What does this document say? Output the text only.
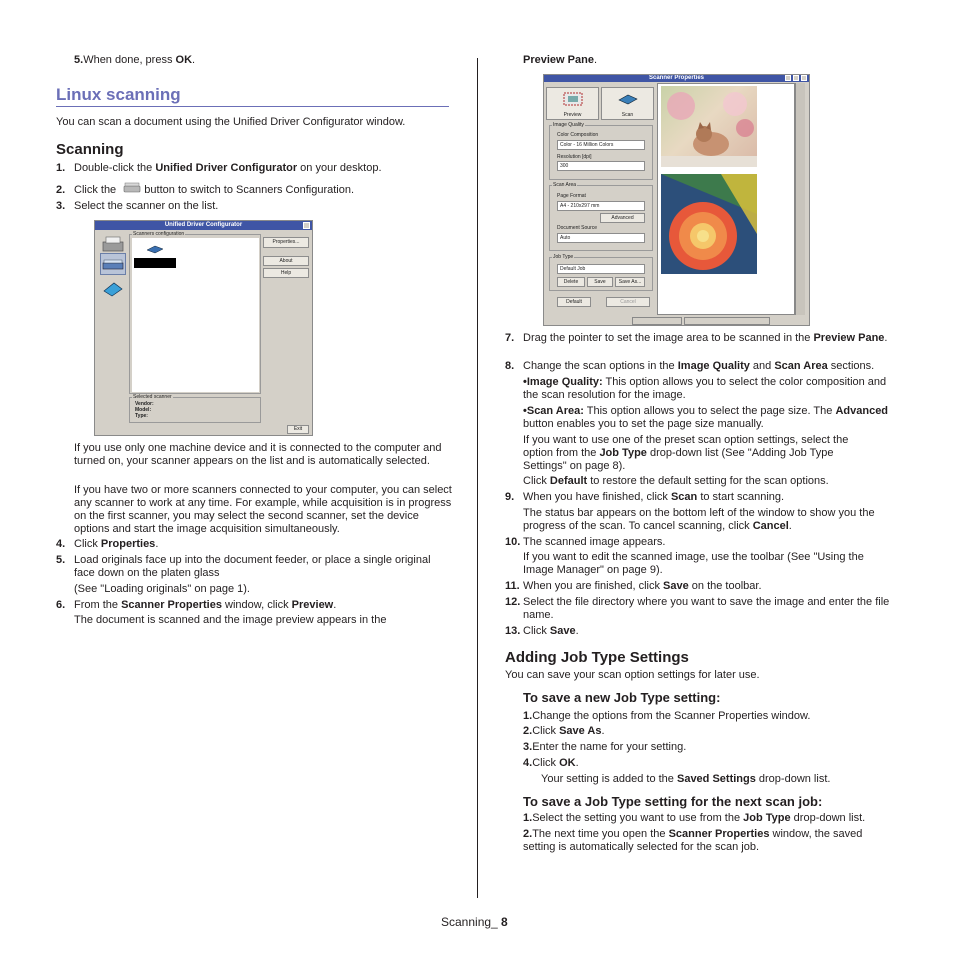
5.When done, press OK.
Linux scanning
You can scan a document using the Unified Driver Configurator window.
Scanning
1. Double-click the Unified Driver Configurator on your desktop.
2. Click the  button to switch to Scanners Configuration.
3. Select the scanner on the list.
Unified Driver Configurator
Scanners configuration
Properties...
About
Help
Selected scanner
Vendor:
Model:
Type:
Exit
If you use only one machine device and it is connected to the computer and turned on, your scanner appears on the list and is automatically selected.
If you have two or more scanners connected to your computer, you can select any scanner to work at any time. For example, while acquisition is in progress on the first scanner, you may select the second scanner, set the device options and start the image acquisition simultaneously.
4. Click Properties.
5. Load originals face up into the document feeder, or place a single original face down on the platen glass
(See "Loading originals" on page 1).
6. From the Scanner Properties window, click Preview.
The document is scanned and the image preview appears in the
Preview Pane.
Scanner Properties
Preview	Scan
Image Quality
Color Composition
Color - 16 Million Colors
Resolution [dpi]
300
Scan Area
Page Format
A4 - 210x297 mm
Advanced
Document Source
Auto
Job Type
Default Job
Delete	Save	Save As...
Default	Cancel
7. Drag the pointer to set the image area to be scanned in the Preview Pane.
8. Change the scan options in the Image Quality and Scan Area sections.
•Image Quality: This option allows you to select the color composition and the scan resolution for the image.
•Scan Area: This option allows you to select the page size. The Advanced button enables you to set the page size manually.
If you want to use one of the preset scan option settings, select the option from the Job Type drop-down list (See "Adding Job Type Settings" on page 8).
Click Default to restore the default setting for the scan options.
9. When you have finished, click Scan to start scanning.
The status bar appears on the bottom left of the window to show you the progress of the scan. To cancel scanning, click Cancel.
10. The scanned image appears.
If you want to edit the scanned image, use the toolbar (See "Using the Image Manager" on page 9).
11. When you are finished, click Save on the toolbar.
12. Select the file directory where you want to save the image and enter the file name.
13. Click Save.
Adding Job Type Settings
You can save your scan option settings for later use.
To save a new Job Type setting:
1.Change the options from the Scanner Properties window.
2.Click Save As.
3.Enter the name for your setting.
4.Click OK.
Your setting is added to the Saved Settings drop-down list.
To save a Job Type setting for the next scan job:
1.Select the setting you want to use from the Job Type drop-down list.
2.The next time you open the Scanner Properties window, the saved setting is automatically selected for the scan job.
Scanning_ 8
